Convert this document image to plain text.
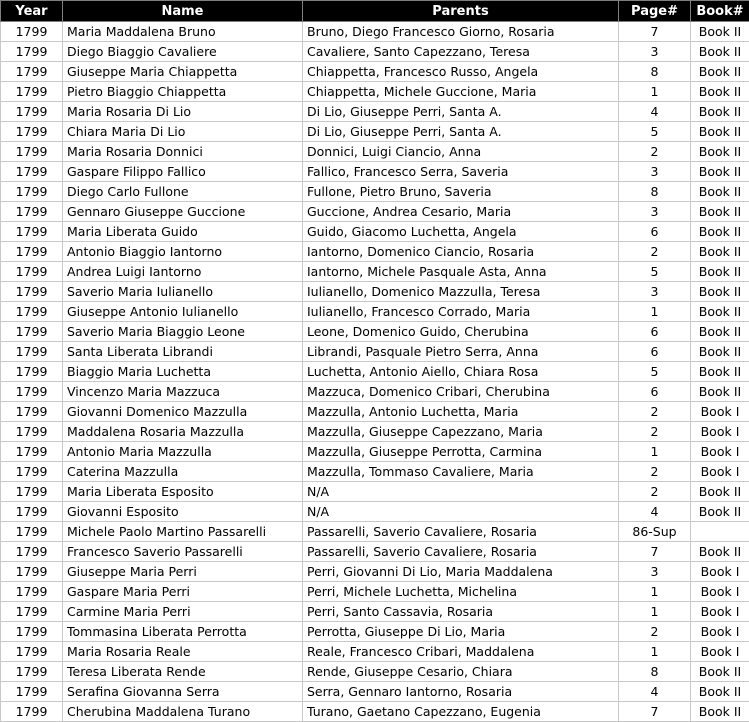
Year	Name	Parents	Page#	Book#
1799	Maria Maddalena Bruno	Bruno, Diego Francesco Giorno, Rosaria	7	Book II
1799	Diego Biaggio Cavaliere	Cavaliere, Santo Capezzano, Teresa	3	Book II
1799	Giuseppe Maria Chiappetta	Chiappetta, Francesco Russo, Angela	8	Book II
1799	Pietro Biaggio Chiappetta	Chiappetta, Michele Guccione, Maria	1	Book II
1799	Maria Rosaria Di Lio	Di Lio, Giuseppe Perri, Santa A.	4	Book II
1799	Chiara Maria Di Lio	Di Lio, Giuseppe Perri, Santa A.	5	Book II
1799	Maria Rosaria Donnici	Donnici, Luigi Ciancio, Anna	2	Book II
1799	Gaspare Filippo Fallico	Fallico, Francesco Serra, Saveria	3	Book II
1799	Diego Carlo Fullone	Fullone, Pietro Bruno, Saveria	8	Book II
1799	Gennaro Giuseppe Guccione	Guccione, Andrea Cesario, Maria	3	Book II
1799	Maria Liberata Guido	Guido, Giacomo Luchetta, Angela	6	Book II
1799	Antonio Biaggio Iantorno	Iantorno, Domenico Ciancio, Rosaria	2	Book II
1799	Andrea Luigi Iantorno	Iantorno, Michele Pasquale Asta, Anna	5	Book II
1799	Saverio Maria Iulianello	Iulianello, Domenico Mazzulla, Teresa	3	Book II
1799	Giuseppe Antonio Iulianello	Iulianello, Francesco Corrado, Maria	1	Book II
1799	Saverio Maria Biaggio Leone	Leone, Domenico Guido, Cherubina	6	Book II
1799	Santa Liberata Librandi	Librandi, Pasquale Pietro Serra, Anna	6	Book II
1799	Biaggio Maria Luchetta	Luchetta, Antonio Aiello, Chiara Rosa	5	Book II
1799	Vincenzo Maria Mazzuca	Mazzuca, Domenico Cribari, Cherubina	6	Book II
1799	Giovanni Domenico Mazzulla	Mazzulla, Antonio Luchetta, Maria	2	Book I
1799	Maddalena Rosaria Mazzulla	Mazzulla, Giuseppe Capezzano, Maria	2	Book I
1799	Antonio Maria Mazzulla	Mazzulla, Giuseppe Perrotta, Carmina	1	Book I
1799	Caterina Mazzulla	Mazzulla, Tommaso Cavaliere, Maria	2	Book I
1799	Maria Liberata Esposito	N/A	2	Book II
1799	Giovanni Esposito	N/A	4	Book II
1799	Michele Paolo Martino Passarelli	Passarelli, Saverio Cavaliere, Rosaria	86-Sup	
1799	Francesco Saverio Passarelli	Passarelli, Saverio Cavaliere, Rosaria	7	Book II
1799	Giuseppe Maria Perri	Perri, Giovanni Di Lio, Maria Maddalena	3	Book I
1799	Gaspare Maria Perri	Perri, Michele Luchetta, Michelina	1	Book I
1799	Carmine Maria Perri	Perri, Santo Cassavia, Rosaria	1	Book I
1799	Tommasina Liberata Perrotta	Perrotta, Giuseppe Di Lio, Maria	2	Book I
1799	Maria Rosaria Reale	Reale, Francesco Cribari, Maddalena	1	Book I
1799	Teresa Liberata Rende	Rende, Giuseppe Cesario, Chiara	8	Book II
1799	Serafina Giovanna Serra	Serra, Gennaro Iantorno, Rosaria	4	Book II
1799	Cherubina Maddalena Turano	Turano, Gaetano Capezzano, Eugenia	7	Book II
